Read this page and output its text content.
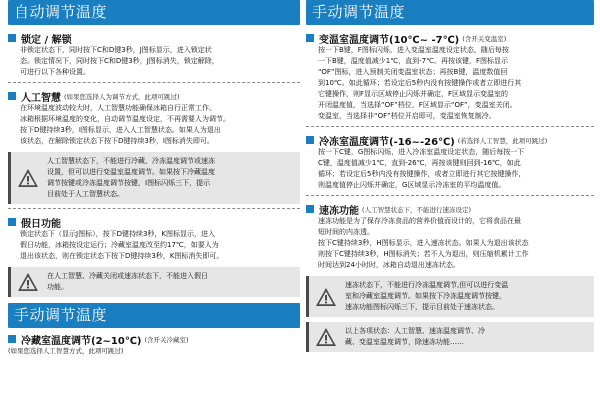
自动调节温度
锁定 / 解锁

非锁定状态下，同时按下C和D键3秒，J图标显示，进入锁定状

态。锁定情况下，同时按下C和D键3秒，J图标消失，锁定解除，

可进行以下各种设置。

人工智慧 (如果您选择人为调节方式，此项可跳过)

在环境温度波动较大时，人工智慧功能确保冰箱自行正常工作。

冰箱根据环境温度的变化，自动调节温度设定，不再需要人为调节。

按下D键持续3秒，I图标显示，进入人工智慧状态。如果人为退出

该状态，在解除锁定状态下按下D键持续3秒，I图标消失即可。

人工智慧状态下，不能进行冷藏、冷冻温度调节或速冻

设置，但可以进行变温室温度调节。如果按下冷藏温度

调节按键或冷冻温度调节按键，I图标闪烁三下，提示

目前处于人工智慧状态。

假日功能

锁定状态下（显示J图标），按下D键持续3秒，K图标显示，进入

假日功能，冰箱按设定运行；冷藏室温度改至约17℃，如要人为

退出该状态，则在锁定状态下按下D键持续3秒，K图标消失即可。

在人工智慧、冷藏关闭或速冻状态下，不能进入假日

功能。

手动调节温度
冷藏室温度调节(2~10℃) (含开关冷藏室)
(如果您选择人工智慧方式，此项可跳过)
手动调节温度
变温室温度调节(10℃~ -7℃) (含开关变温室)

按一下B键，F图标闪烁，进入变温室温度设定状态，随后每按

一下B键，温度值减少1℃，直到-7℃。再按该键，F图标显示

“OF”图标，进入预制关闭变温室状态；再按B键，温度数值回

到10℃。如此循环；若设定后5秒内没有按键操作或者立即进行其

它键操作，则F显示区域停止闪烁并确定，F区域显示变温室的

开闭温度值，当选择“OF”档位，F区域显示“OF”，变温室关闭。

变温室，当选择非“OF”档位开启即可，变温室恢复制冷。

冷冻室温度调节(-16~-26℃) (若选择人工智慧，此项可跳过)

按一下C键，G图标闪烁，进入冷冻室温度设定状态，随后每按一下

C键，温度值减少1℃，直到-26℃，再按该键则回到-16℃，如此

循环；若设定后5秒内没有按键操作，或者立即进行其它按键操作，

则温度值停止闪烁并确定，G区域显示冷冻室的平均温度值。

速冻功能 (人工智慧状态下，不能进行速冻设定)

速冻功能是为了保存冷冻食品的营养价值而设计的，它将食品在最

短时间的内冻透。

按下C键持续3秒，H图标显示，进入速冻状态。如果人为退出该状态

则按下C键持续3秒，H图标消失；若不人为退出，则压缩机累计工作

时间达到24小时时，冰箱自动退出速冻状态。

速冻状态下，不能进行冷冻温度调节,但可以进行变温

室和冷藏室温度调节。如果按下冷冻温度调节按键，

速冻功能图标闪烁三下，提示目前处于速冻状态。

以上各项状态：人工智慧、速冻温度调节、冷

藏、变温室温度调节，除速冻功能……
